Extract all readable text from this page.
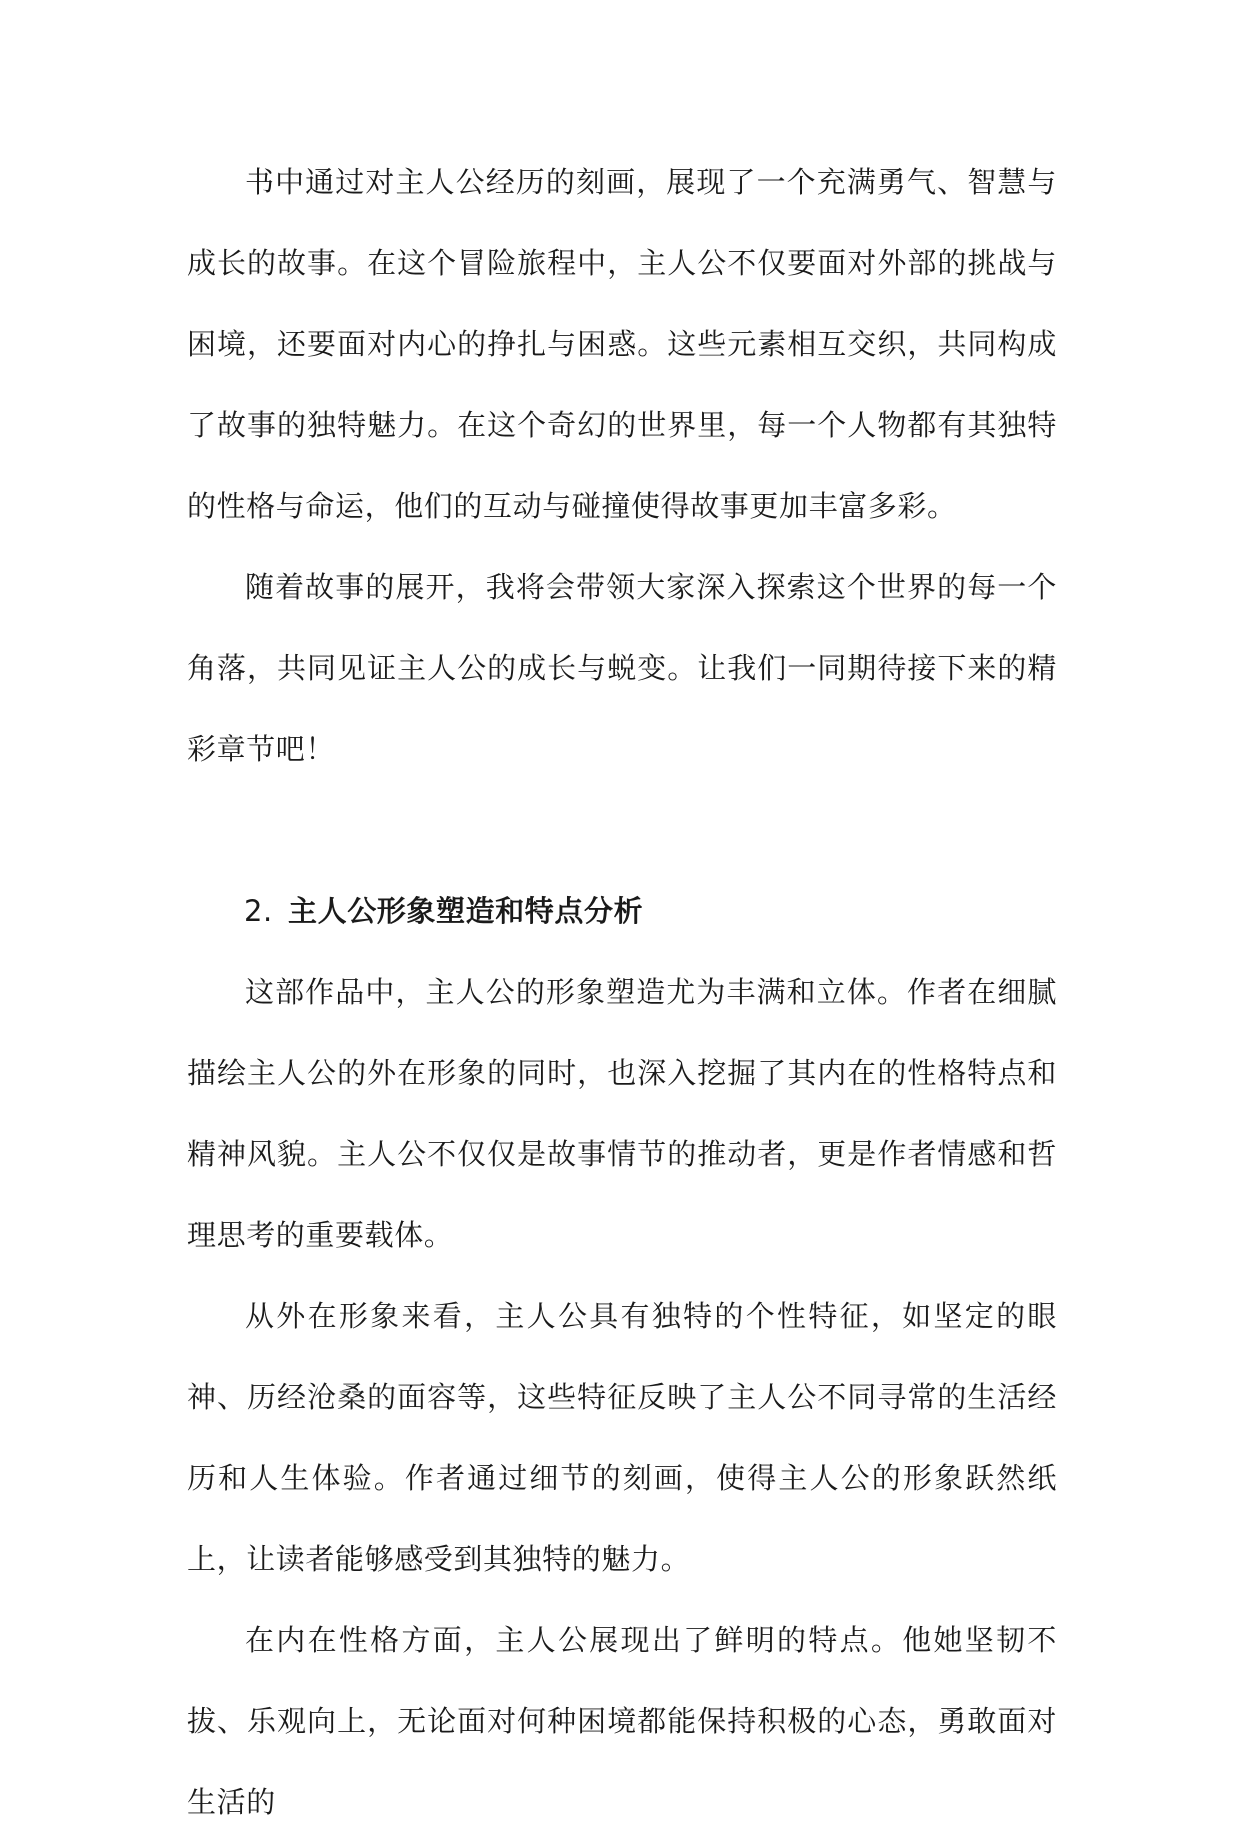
书中通过对主人公经历的刻画，展现了一个充满勇气、智慧与成长的故事。在这个冒险旅程中，主人公不仅要面对外部的挑战与困境，还要面对内心的挣扎与困惑。这些元素相互交织，共同构成了故事的独特魅力。在这个奇幻的世界里，每一个人物都有其独特的性格与命运，他们的互动与碰撞使得故事更加丰富多彩。

随着故事的展开，我将会带领大家深入探索这个世界的每一个角落，共同见证主人公的成长与蜕变。让我们一同期待接下来的精彩章节吧！

2. 主人公形象塑造和特点分析

这部作品中，主人公的形象塑造尤为丰满和立体。作者在细腻描绘主人公的外在形象的同时，也深入挖掘了其内在的性格特点和精神风貌。主人公不仅仅是故事情节的推动者，更是作者情感和哲理思考的重要载体。

从外在形象来看，主人公具有独特的个性特征，如坚定的眼神、历经沧桑的面容等，这些特征反映了主人公不同寻常的生活经历和人生体验。作者通过细节的刻画，使得主人公的形象跃然纸上，让读者能够感受到其独特的魅力。

在内在性格方面，主人公展现出了鲜明的特点。他她坚韧不拔、乐观向上，无论面对何种困境都能保持积极的心态，勇敢面对生活的
